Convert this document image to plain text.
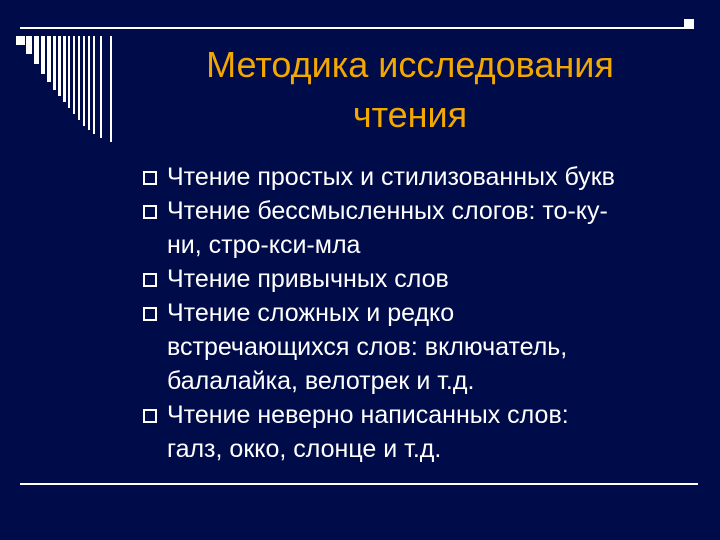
Методика исследования
чтения
Чтение простых и стилизованных букв
Чтение бессмысленных слогов: то-ку-
ни, стро-кси-мла
Чтение привычных слов
Чтение сложных и редко
встречающихся слов: включатель,
балалайка, велотрек и т.д.
Чтение неверно написанных слов:
галз, окко, слонце и т.д.
